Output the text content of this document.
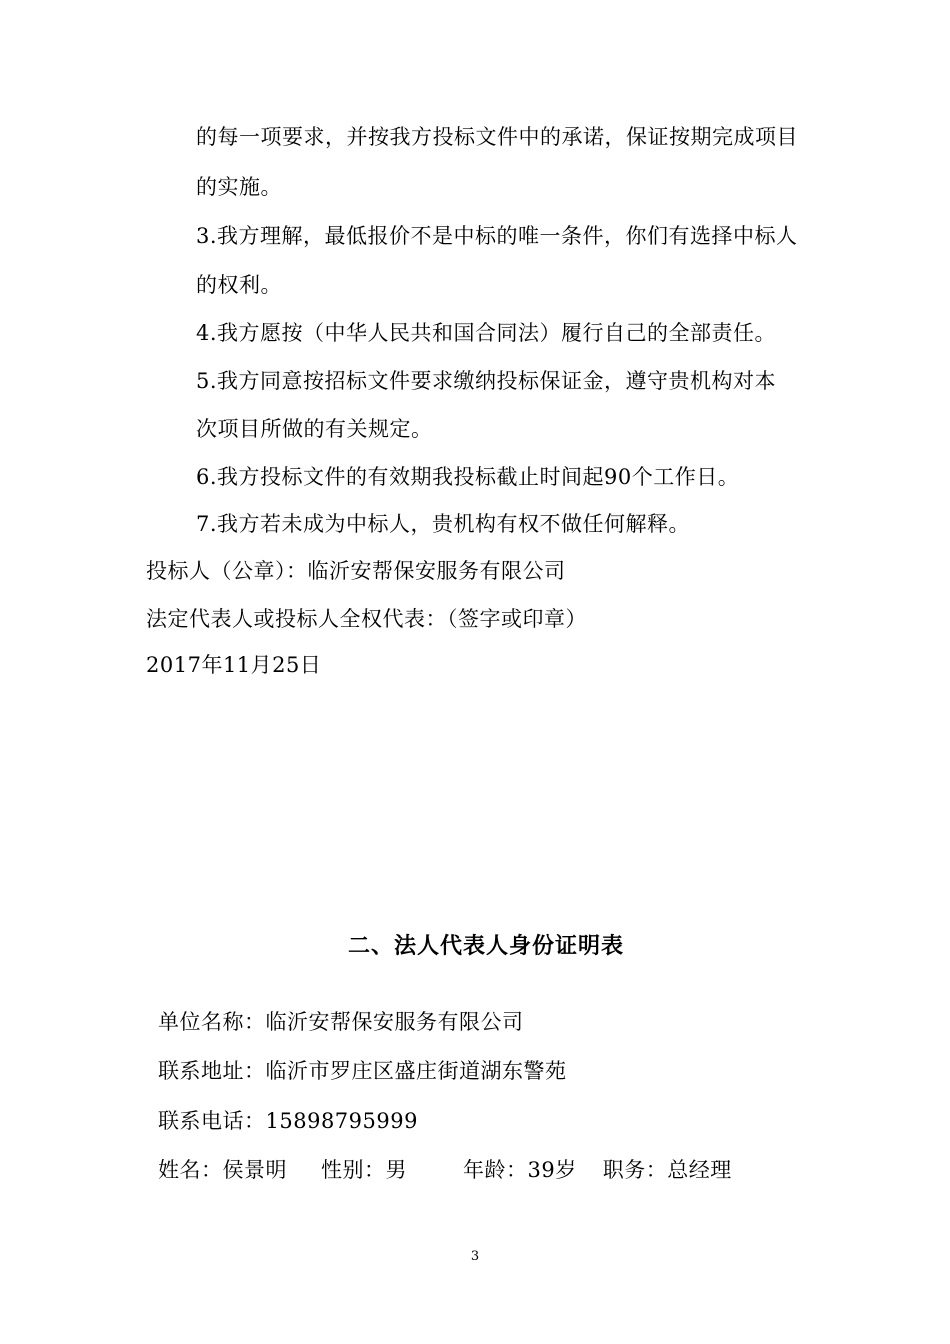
的每一项要求，并按我方投标文件中的承诺，保证按期完成项目
的实施。
3.我方理解，最低报价不是中标的唯一条件，你们有选择中标人
的权利。
4.我方愿按（中华人民共和国合同法）履行自己的全部责任。
5.我方同意按招标文件要求缴纳投标保证金，遵守贵机构对本
次项目所做的有关规定。
6.我方投标文件的有效期我投标截止时间起90个工作日。
7.我方若未成为中标人，贵机构有权不做任何解释。
投标人（公章）：临沂安帮保安服务有限公司
法定代表人或投标人全权代表：（签字或印章）
2017年11月25日
二、法人代表人身份证明表
单位名称：临沂安帮保安服务有限公司
联系地址：临沂市罗庄区盛庄街道湖东警苑
联系电话：15898795999
姓名：侯景明 性别：男	年龄：39岁 职务：总经理
3
